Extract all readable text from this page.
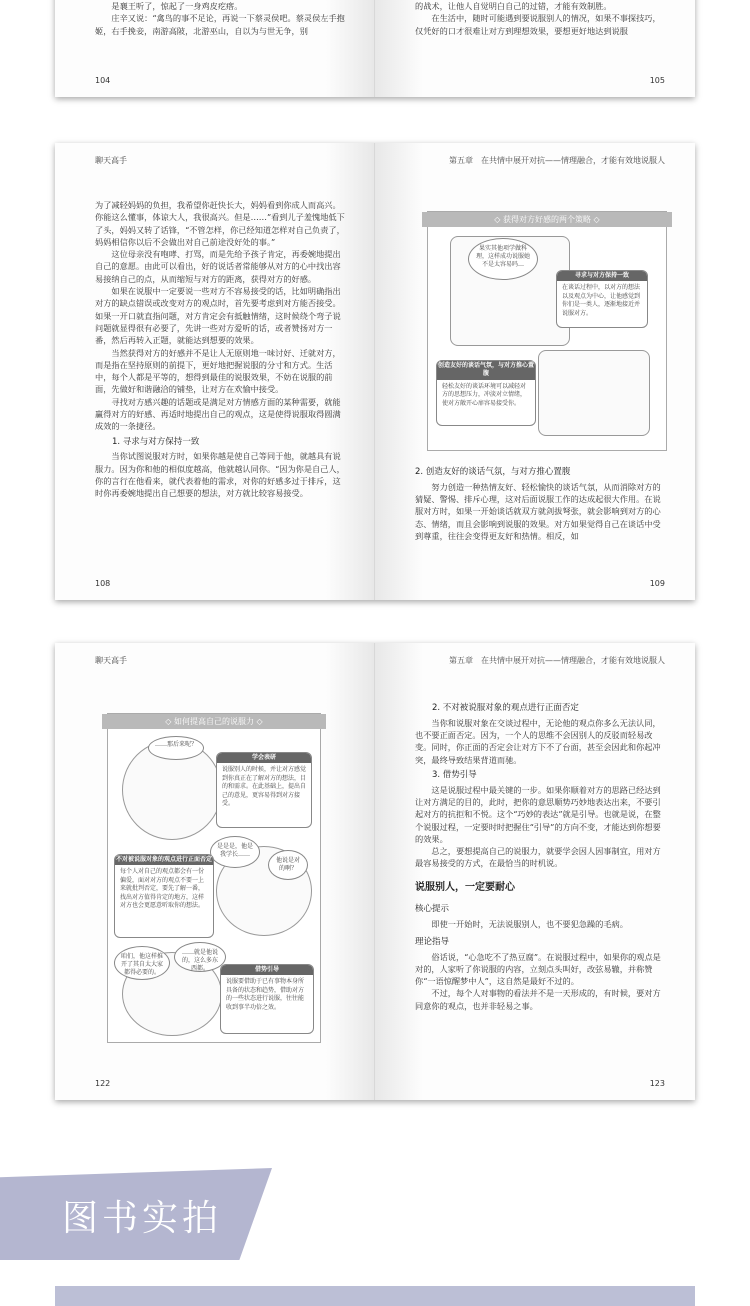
是襄王听了，惊起了一身鸡皮疙瘩。

庄辛又说：“禽鸟的事不足论，再说一下蔡灵侯吧。蔡灵侯左手抱姬，右手挽妾，南游高陂，北游巫山，自以为与世无争，别

104

的战术，让他人自觉明白自己的过错，才能有效制胜。

在生活中，随时可能遇到要说服别人的情况，如果不事探技巧，仅凭好的口才很难让对方到理想效果，要想更好地达到说服

105
聊天高手

为了减轻妈妈的负担，我希望你赶快长大，妈妈看到你成人而高兴。你能这么懂事，体谅大人，我很高兴。但是……”看到儿子羞愧地低下了头，妈妈又转了话锋，“不管怎样，你已经知道怎样对自己负责了，妈妈相信你以后不会做出对自己前途没好处的事。”

这位母亲没有咆哮、打骂，而是先给予孩子肯定，再委婉地提出自己的意愿。由此可以看出，好的说话者常能够从对方的心中找出容易接纳自己的点，从而缩短与对方的距离，获得对方的好感。

如果在说服中一定要说一些对方不容易接受的话，比如明确指出对方的缺点错误或改变对方的观点时，首先要考虑到对方能否接受。如果一开口就直指问题，对方肯定会有抵触情绪，这时候绕个弯子说问题就显得很有必要了，先讲一些对方爱听的话，或者赞扬对方一番，然后再转入正题，就能达到想要的效果。

当然获得对方的好感并不是让人无原则地一味讨好、迁就对方，而是指在坚持原则的前提下，更好地把握说服的分寸和方式。生活中，每个人都是平等的，想得到最佳的说服效果，不妨在说服的前面，先做好和谐融洽的铺垫，让对方在欢愉中接受。

寻找对方感兴趣的话题或是满足对方情感方面的某种需要，就能赢得对方的好感、再适时地提出自己的观点，这是使得说服取得圆满成效的一条捷径。

1. 寻求与对方保持一致

当你试图说服对方时，如果你越是使自己等同于他，就越具有说服力。因为你和他的相似度越高，他就越认同你。“因为你是自己人，你的言行在他看来，就代表着他的需求，对你的好感多过于排斥，这时你再委婉地提出自己想要的想法，对方就比较容易接受。

108
第五章　在共情中展开对抗——情理融合，才能有效地说服人
◇ 获得对方好感的两个策略 ◇
果实其他项学做科理，这样成功说服她不是太容易吗…
寻求与对方保持一致
在谈话过程中，以对方的想法以及观点为中心，让他感觉到你们是一类人，逐渐地接近并说服对方。
创造友好的谈话气氛，与对方推心置腹
轻松友好的谈话环境可以减轻对方的思想压力，冲淡对立情绪，使对方敞开心扉容易接受你。
2. 创造友好的谈话气氛，与对方推心置腹

努力创造一种热情友好、轻松愉快的谈话气氛，从而消除对方的猜疑、警惕、排斥心理，这对后面说服工作的达成起很大作用。在说服对方时，如果一开始谈话就双方就剑拔弩张，就会影响到对方的心态、情绪，而且会影响到说服的效果。对方如果觉得自己在谈话中受到尊重，往往会变得更友好和热情。相反，如

109
聊天高手
◇ 如何提高自己的说服力 ◇
……那后来呢？
学会表研
说服别人的时候，并让对方感觉到你真正在了解对方的想法，目的和需求。在此基础上，提出自己的意见，更容易得到对方接受。
是是是，他是我学长……
他说是对的啊？
不对被说服对象的观点进行正面否定
每个人对自己的观点都会有一份偏爱，面对对方的观点不要一上来就批判否定，要先了解一番，找出对方值得肯定的地方，这样对方也会更愿意听取你的想法。
咱们，他这样推开了其自太大家都得必要的。
……就是他说的，这么多东西都。	借势引导
说服要借助于已有事物本身所具备的状态和趋势，借助对方的一些状态进行说服，往往能收到事半功倍之效。
122
第五章　在共情中展开对抗——情理融合，才能有效地说服人
2. 不对被说服对象的观点进行正面否定

当你和说服对象在交谈过程中，无论他的观点你多么无法认同，也不要正面否定。因为，一个人的思维不会因别人的反驳而轻易改变。同时，你正面的否定会让对方下不了台面，甚至会因此和你起冲突，最终导致结果背道而驰。

3. 借势引导

这是说服过程中最关键的一步。如果你顺着对方的思路已经达到让对方满足的目的，此时，把你的意思顺势巧妙地表达出来，不要引起对方的抗拒和不悦。这个“巧妙的表达”就是引导。也就是说，在整个说服过程，一定要时时把握住“引导”的方向不变，才能达到你想要的效果。

总之，要想提高自己的说服力，就要学会因人因事制宜，用对方最容易接受的方式，在最恰当的时机说。

说服别人，一定要耐心
核心提示

即使一开始时，无法说服别人，也不要犯急躁的毛病。

理论指导

俗话说，“心急吃不了热豆腐”。在说服过程中，如果你的观点是对的，人家听了你说服的内容，立刻点头叫好，改弦易辙，并称赞你“一语惊醒梦中人”，这自然是最好不过的。

不过，每个人对事物的看法并不是一天形成的，有时候，要对方同意你的观点，也并非轻易之事。

123
图书实拍
